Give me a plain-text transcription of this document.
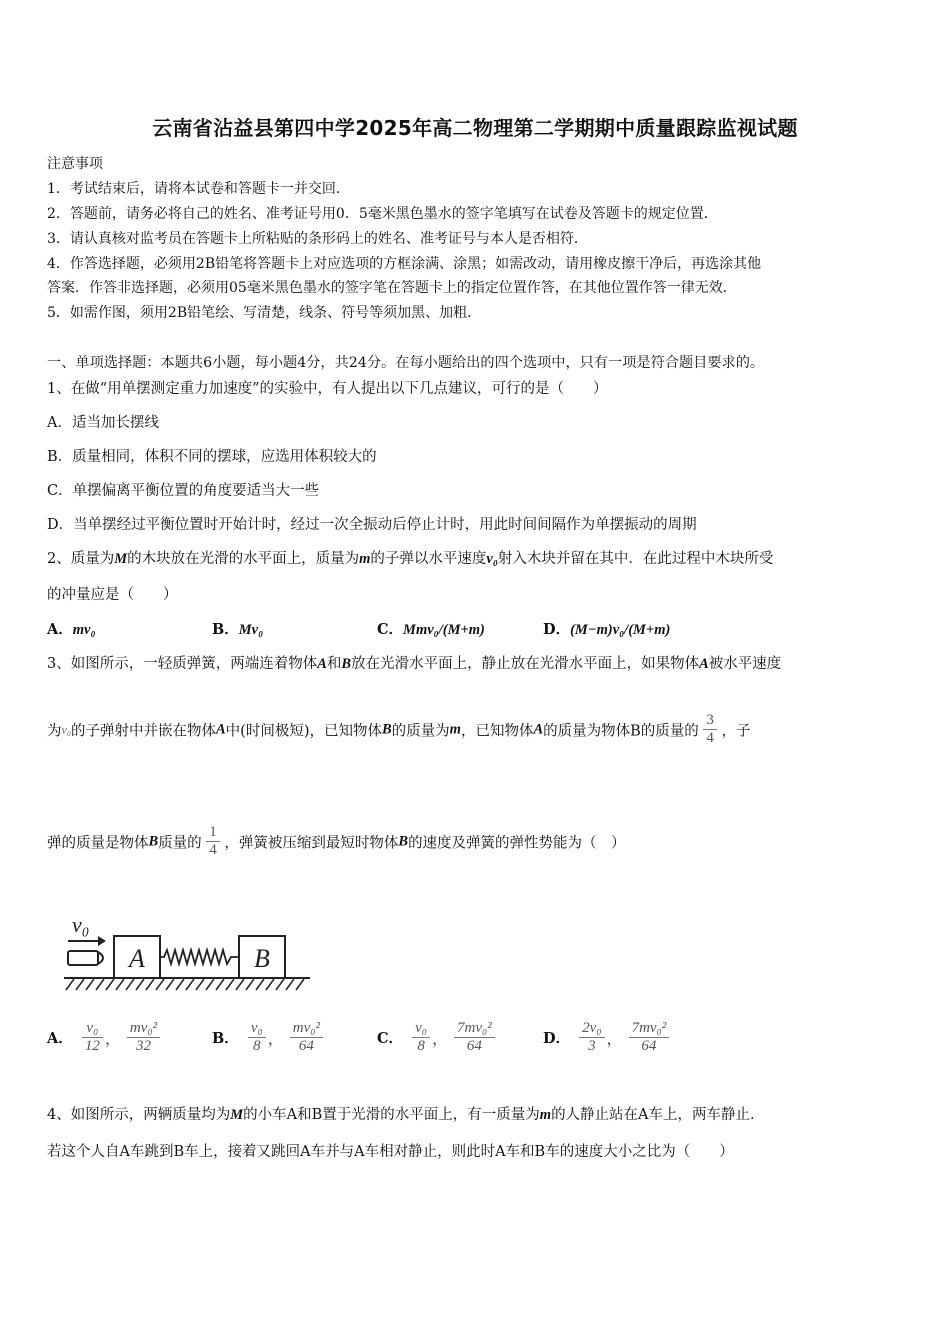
云南省沾益县第四中学2025年高二物理第二学期期中质量跟踪监视试题
注意事项
1．考试结束后，请将本试卷和答题卡一并交回．
2．答题前，请务必将自己的姓名、准考证号用0．5毫米黑色墨水的签字笔填写在试卷及答题卡的规定位置．
3．请认真核对监考员在答题卡上所粘贴的条形码上的姓名、准考证号与本人是否相符．
4．作答选择题，必须用2B铅笔将答题卡上对应选项的方框涂满、涂黑；如需改动，请用橡皮擦干净后，再选涂其他
答案．作答非选择题，必须用05毫米黑色墨水的签字笔在答题卡上的指定位置作答，在其他位置作答一律无效．
5．如需作图，须用2B铅笔绘、写清楚，线条、符号等须加黑、加粗．
一、单项选择题：本题共6小题，每小题4分，共24分。在每小题给出的四个选项中，只有一项是符合题目要求的。
1、在做“用单摆测定重力加速度”的实验中，有人提出以下几点建议，可行的是（　　）
A．适当加长摆线
B．质量相同，体积不同的摆球，应选用体积较大的
C．单摆偏离平衡位置的角度要适当大一些
D．当单摆经过平衡位置时开始计时，经过一次全振动后停止计时，用此时间间隔作为单摆振动的周期
2、质量为M的木块放在光滑的水平面上，质量为m的子弹以水平速度v₀射入木块并留在其中．在此过程中木块所受
的冲量应是（　　）
A．mv₀	B．Mv₀	C．Mmv₀/(M+m)	D．(M−m)v₀/(M+m)
3、如图所示，一轻质弹簧，两端连着物体A和B放在光滑水平面上，静止放在光滑水平面上，如果物体A被水平速度
为v₀的子弹射中并嵌在物体A中(时间极短)，已知物体B的质量为m，已知物体A的质量为物体B的质量的 $\frac{3}{4}$ ，子
弹的质量是物体B质量的 $\frac{1}{4}$ ，弹簧被压缩到最短时物体B的速度及弹簧的弹性势能为（　）
v₀
A	B
A． $\frac{\text{v₀}}{12}$ ， $\frac{\text{mv₀²}}{32}$	B． $\frac{\text{v₀}}{8}$ ， $\frac{\text{mv₀²}}{64}$	C． $\frac{\text{v₀}}{8}$ ， $\frac{\text{7mv₀²}}{64}$	D． $\frac{\text{2v₀}}{3}$ ， $\frac{\text{7mv₀²}}{64}$
4、如图所示，两辆质量均为M的小车A和B置于光滑的水平面上，有一质量为m的人静止站在A车上，两车静止．
若这个人自A车跳到B车上，接着又跳回A车并与A车相对静止，则此时A车和B车的速度大小之比为（　　）
